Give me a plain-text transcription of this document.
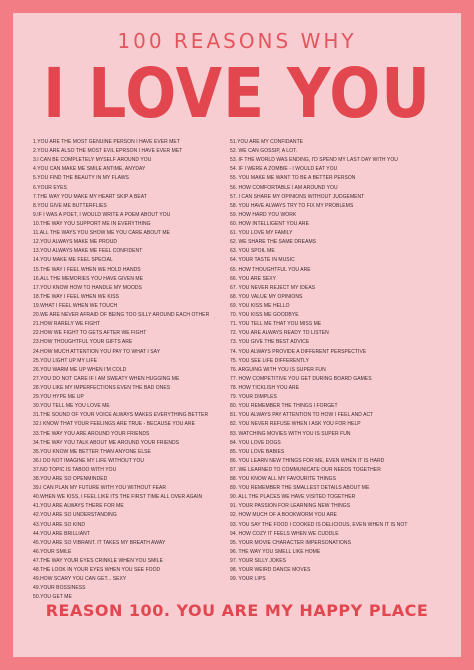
100 REASONS WHY
I LOVE YOU
1.YOU ARE THE MOST GENUINE PERSON I HAVE EVER MET
2.YOU ARE ALSO THE MOST EVIL EPRSON I HAVE EVER MET
3.I CAN BE COMPLETELY MYSELF AROUND YOU
4.YOU CAN MAKE ME SMILE ANTIME, ANYDAY
5.YOU FIND THE BEAUTY IN MY FLAWS
6.YOUR EYES
7.THE WAY YOU MAKE MY HEART SKIP A BEAT
8.YOU GIVE ME BUTTERFLIES
9.IF I WAS A POET, I WOULD WRITE A POEM ABOUT YOU
10.THE WAY YOU SUPPORT ME IN EVERYTHING
11.ALL THE WAYS YOU SHOW ME YOU CARE ABOUT ME
12.YOU ALWAYS MAKE ME PROUD
13.YOU ALWAYS MAKE ME FEEL CONFIDENT
14.YOU MAKE ME FEEL SPECIAL
15.THE WAY I FEEL WHEN WE HOLD HANDS
16.ALL THE MEMORIES YOU HAVE GIVEN ME
17.YOU KNOW HOW TO HANDLE MY MOODS
18.THE WAY I FEEL WHEN WE KISS
19.WHAT I FEEL WHEN WE TOUCH
20.WE ARE NEVER AFRAID OF BEING TOO SILLY AROUND EACH OTHER
21.HOW RARELY WE FIGHT
22.HOW WE FIGHT TO GETS AFTER WE FIGHT
23.HOW THOUGHTFUL YOUR GIFTS ARE
24.HOW MUCH ATTENTION YOU PAY TO WHAT I SAY
25.YOU LIGHT UP MY LIFE
26.YOU WARM ME UP WHEN I'M COLD
27.YOU DO NOT CARE IF I AM SWEATY WHEN HUGGING ME
28.YOU LIKE MY IMPERFECTIONS EVEN THE BAD ONES
29.YOU HYPE ME UP
30.YOU TELL ME YOU LOVE ME
31.THE SOUND OF YOUR VOICE ALWAYS MAKES EVERYTHING BETTER
32.I KNOW THAT YOUR FEELINGS ARE TRUE - BECAUSE YOU ARE
33.THE WAY YOU ARE AROUND YOUR FRIENDS
34.THE WAY YOU TALK ABOUT ME AROUND YOUR FRIENDS
35.YOU KNOW ME BETTER THAN ANYONE ELSE
36.I DO NOT IMAGINE MY LIFE WITHOUT YOU
37.NO TOPIC IS TABOO WITH YOU
38.YOU ARE SO OPENMINDED
39.I CAN PLAN MY FUTURE WITH YOU WITHOUT FEAR
40.WHEN WE KISS, I FEEL LIKE ITS THE FIRST TIME ALL OVER AGAIN
41.YOU ARE ALWAYS THERE FOR ME
42.YOU ARE SO UNDERSTANDING
43.YOU ARE SO KIND
44.YOU ARE BRILLIANT
45.YOU ARE SO VIBRANT. IT TAKES MY BREATH AWAY
46.YOUR SMILE
47.THE WAY YOUR EYES CRINKLE WHEN YOU SMILE
48.THE LOOK IN YOUR EYES WHEN YOU SEE FOOD
49.HOW SCARY YOU CAN GET... SEXY
49.YOUR BOSSINESS
50.YOU GET ME
51.YOU ARE MY CONFIDANTE
52. WE CAN GOSSIP, A LOT.
53. IF THE WORLD WAS ENDING, I'D SPEND MY LAST DAY WITH YOU
54. IF I WERE A ZOMBIE - I WOULD EAT YOU
55. YOU MAKE ME WANT TO BE A BETTER PERSON
56. HOW COMFORTABLE I AM AROUND YOU
57. I CAN SHARE MY OPINIONS WITHOUT JUDGEMENT
58. YOU HAVE ALWAYS TRY TO FIX MY PROBLEMS
59. HOW HARD YOU WORK
60. HOW INTELLIGENT YOU ARE
61. YOU LOVE MY FAMILY
62. WE SHARE THE SAME DREAMS
63. YOU SPOIL ME
64. YOUR TASTE IN MUSIC
65. HOW THOUGHTFUL YOU ARE
66. YOU ARE SEXY
67. YOU NEVER REJECT MY IDEAS
68. YOU VALUE MY OPINIONS
69. YOU KISS ME HELLO
70. YOU KISS ME GOODBYE
71. YOU TELL ME THAT YOU MISS ME
72. YOU ARE ALWAYS READY TO LISTEN
73. YOU GIVE THE BEST ADVICE
74. YOU ALWAYS PROVIDE A DIFFERENT PERSPECTIVE
75. YOU SEE LIFE DIFFERENTLY
76. ARGUING WITH YOU IS SUPER FUN
77. HOW COMPETITIVE YOU GET DURING BOARD GAMES
78. HOW TICKLISH YOU ARE
79. YOUR DIMPLES
80. YOU REMEMBER THE THINGS I FORGET
81. YOU ALWAYS PAY ATTENTION TO HOW I FEEL AND ACT
82. YOU NEVER REFUSE WHEN I ASK YOU FOR HELP
83. WATCHING MOVIES WITH YOU IS SUPER FUN
84. YOU LOVE DOGS
85. YOU LOVE BABIES
86. YOU LEARN NEW THINGS FOR ME, EVEN WHEN IT IS HARD
87. WE LEARNED TO COMMUNICATE OUR NEEDS TOGETHER
88. YOU KNOW ALL MY FAVOURITE THINGS
89. YOU REMEMBER THE SMALLEST DETAILS ABOUT ME
90. ALL THE PLACES WE HAVE VISITED TOGETHER
91. YOUR PASSION FOR LEARNING NEW THINGS
92. HOW MUCH OF A BOOKWORM YOU ARE
93. YOU SAY THE FOOD I COOKED IS DELICIOUS, EVEN WHEN IT IS NOT
94. HOW COZY IT FEELS WHEN WE CUDDLE
95. YOUR MOVIE CHARACTER IMPERSONATIONS
96. THE WAY YOU SMELL LIKE HOME
97. YOUR SILLY JOKES
98. YOUR WEIRD DANCE MOVES
99. YOUR LIPS
REASON 100. YOU ARE MY HAPPY PLACE
